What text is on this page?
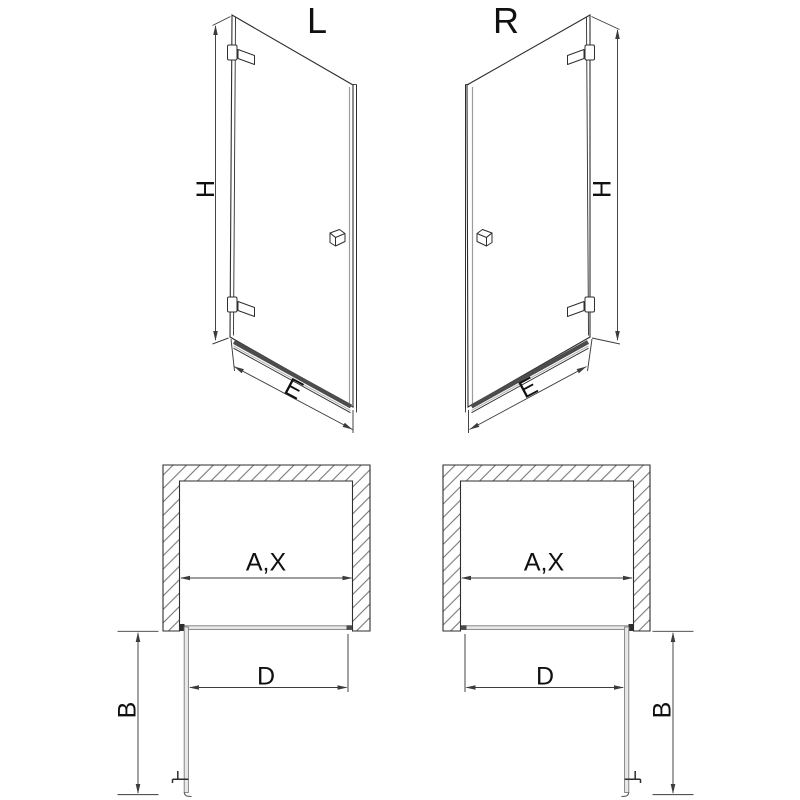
L
H
E
R
H
E
A,X
D
B
A,X
D
B
